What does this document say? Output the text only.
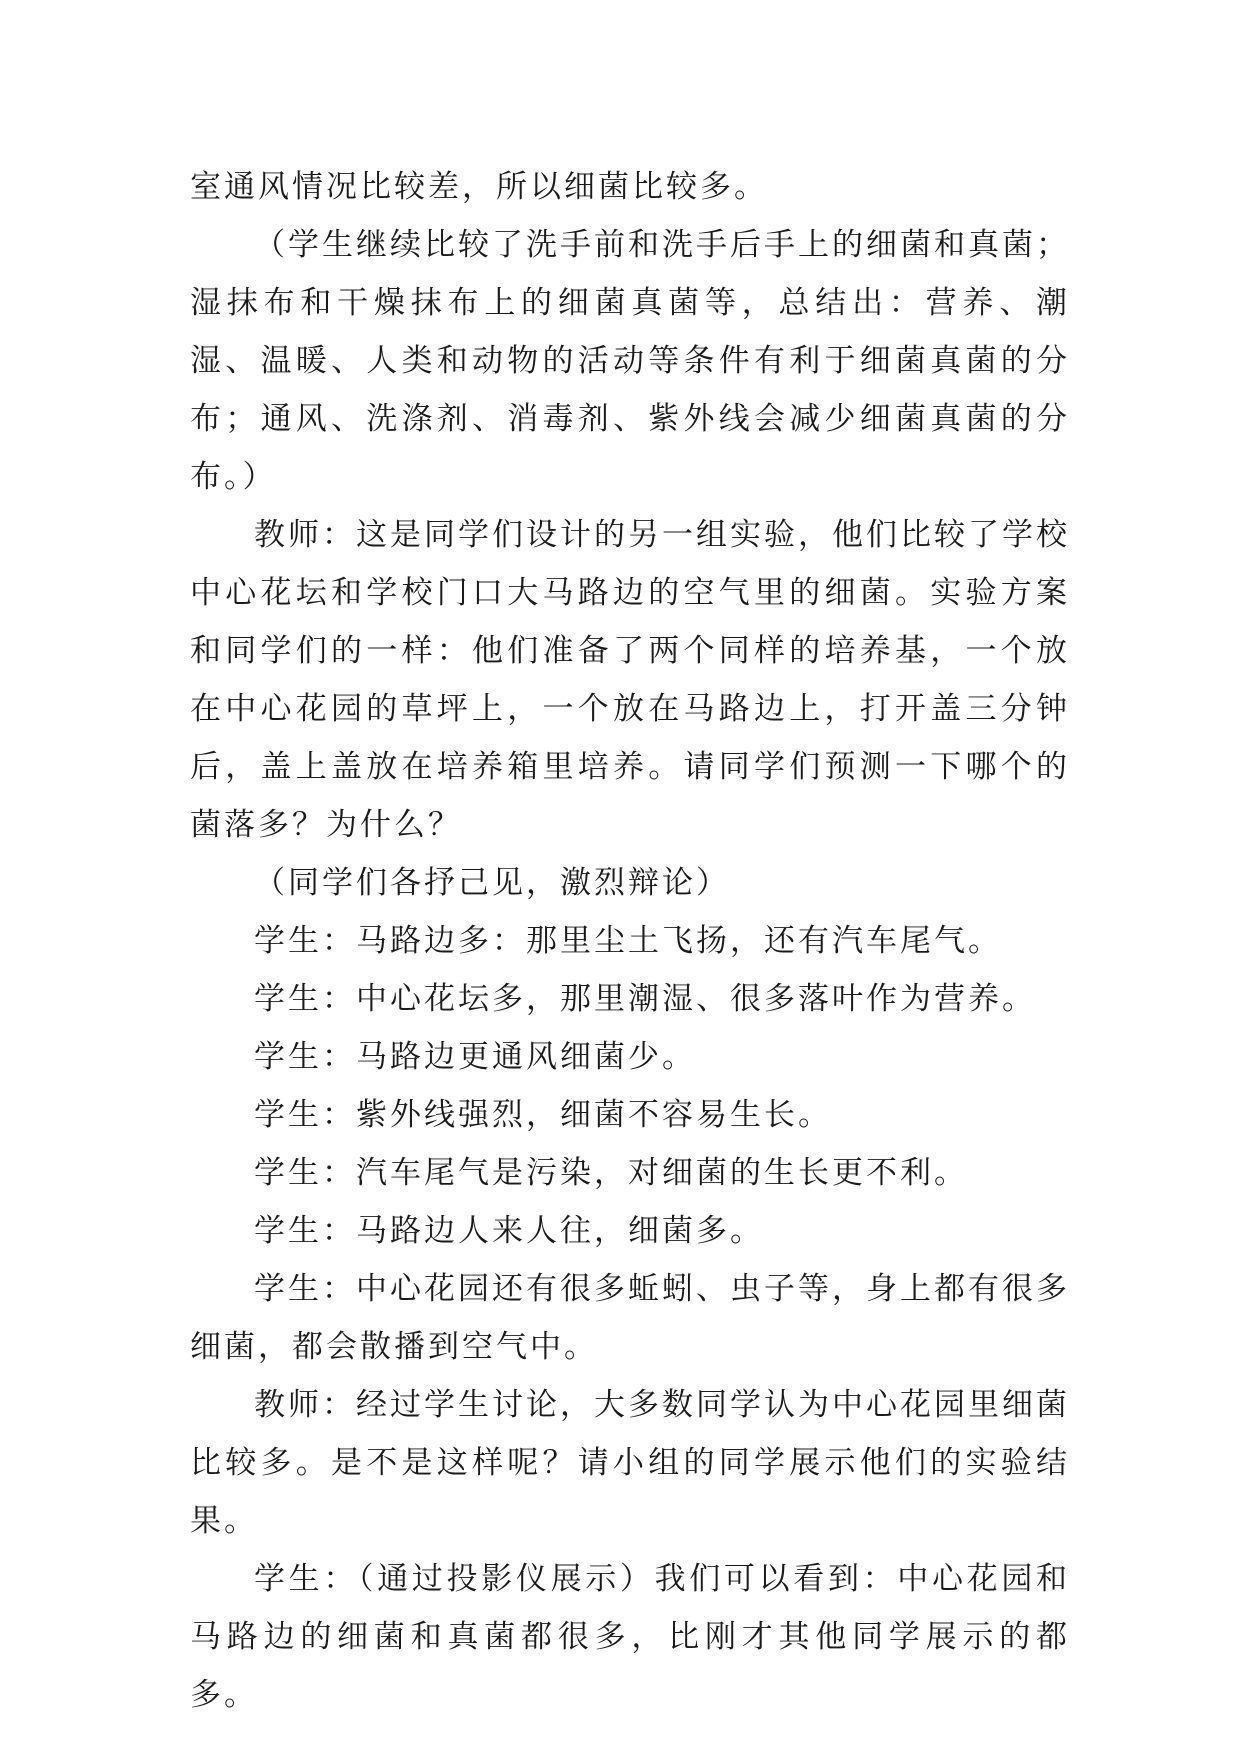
室通风情况比较差，所以细菌比较多。

（学生继续比较了洗手前和洗手后手上的细菌和真菌；湿抹布和干燥抹布上的细菌真菌等，总结出：营养、潮湿、温暖、人类和动物的活动等条件有利于细菌真菌的分布；通风、洗涤剂、消毒剂、紫外线会减少细菌真菌的分布。）

教师：这是同学们设计的另一组实验，他们比较了学校中心花坛和学校门口大马路边的空气里的细菌。实验方案和同学们的一样：他们准备了两个同样的培养基，一个放在中心花园的草坪上，一个放在马路边上，打开盖三分钟后，盖上盖放在培养箱里培养。请同学们预测一下哪个的菌落多？为什么？

（同学们各抒己见，激烈辩论）

学生：马路边多：那里尘土飞扬，还有汽车尾气。

学生：中心花坛多，那里潮湿、很多落叶作为营养。

学生：马路边更通风细菌少。

学生：紫外线强烈，细菌不容易生长。

学生：汽车尾气是污染，对细菌的生长更不利。

学生：马路边人来人往，细菌多。

学生：中心花园还有很多蚯蚓、虫子等，身上都有很多细菌，都会散播到空气中。

教师：经过学生讨论，大多数同学认为中心花园里细菌比较多。是不是这样呢？请小组的同学展示他们的实验结果。

学生：（通过投影仪展示）我们可以看到：中心花园和马路边的细菌和真菌都很多，比刚才其他同学展示的都多。
